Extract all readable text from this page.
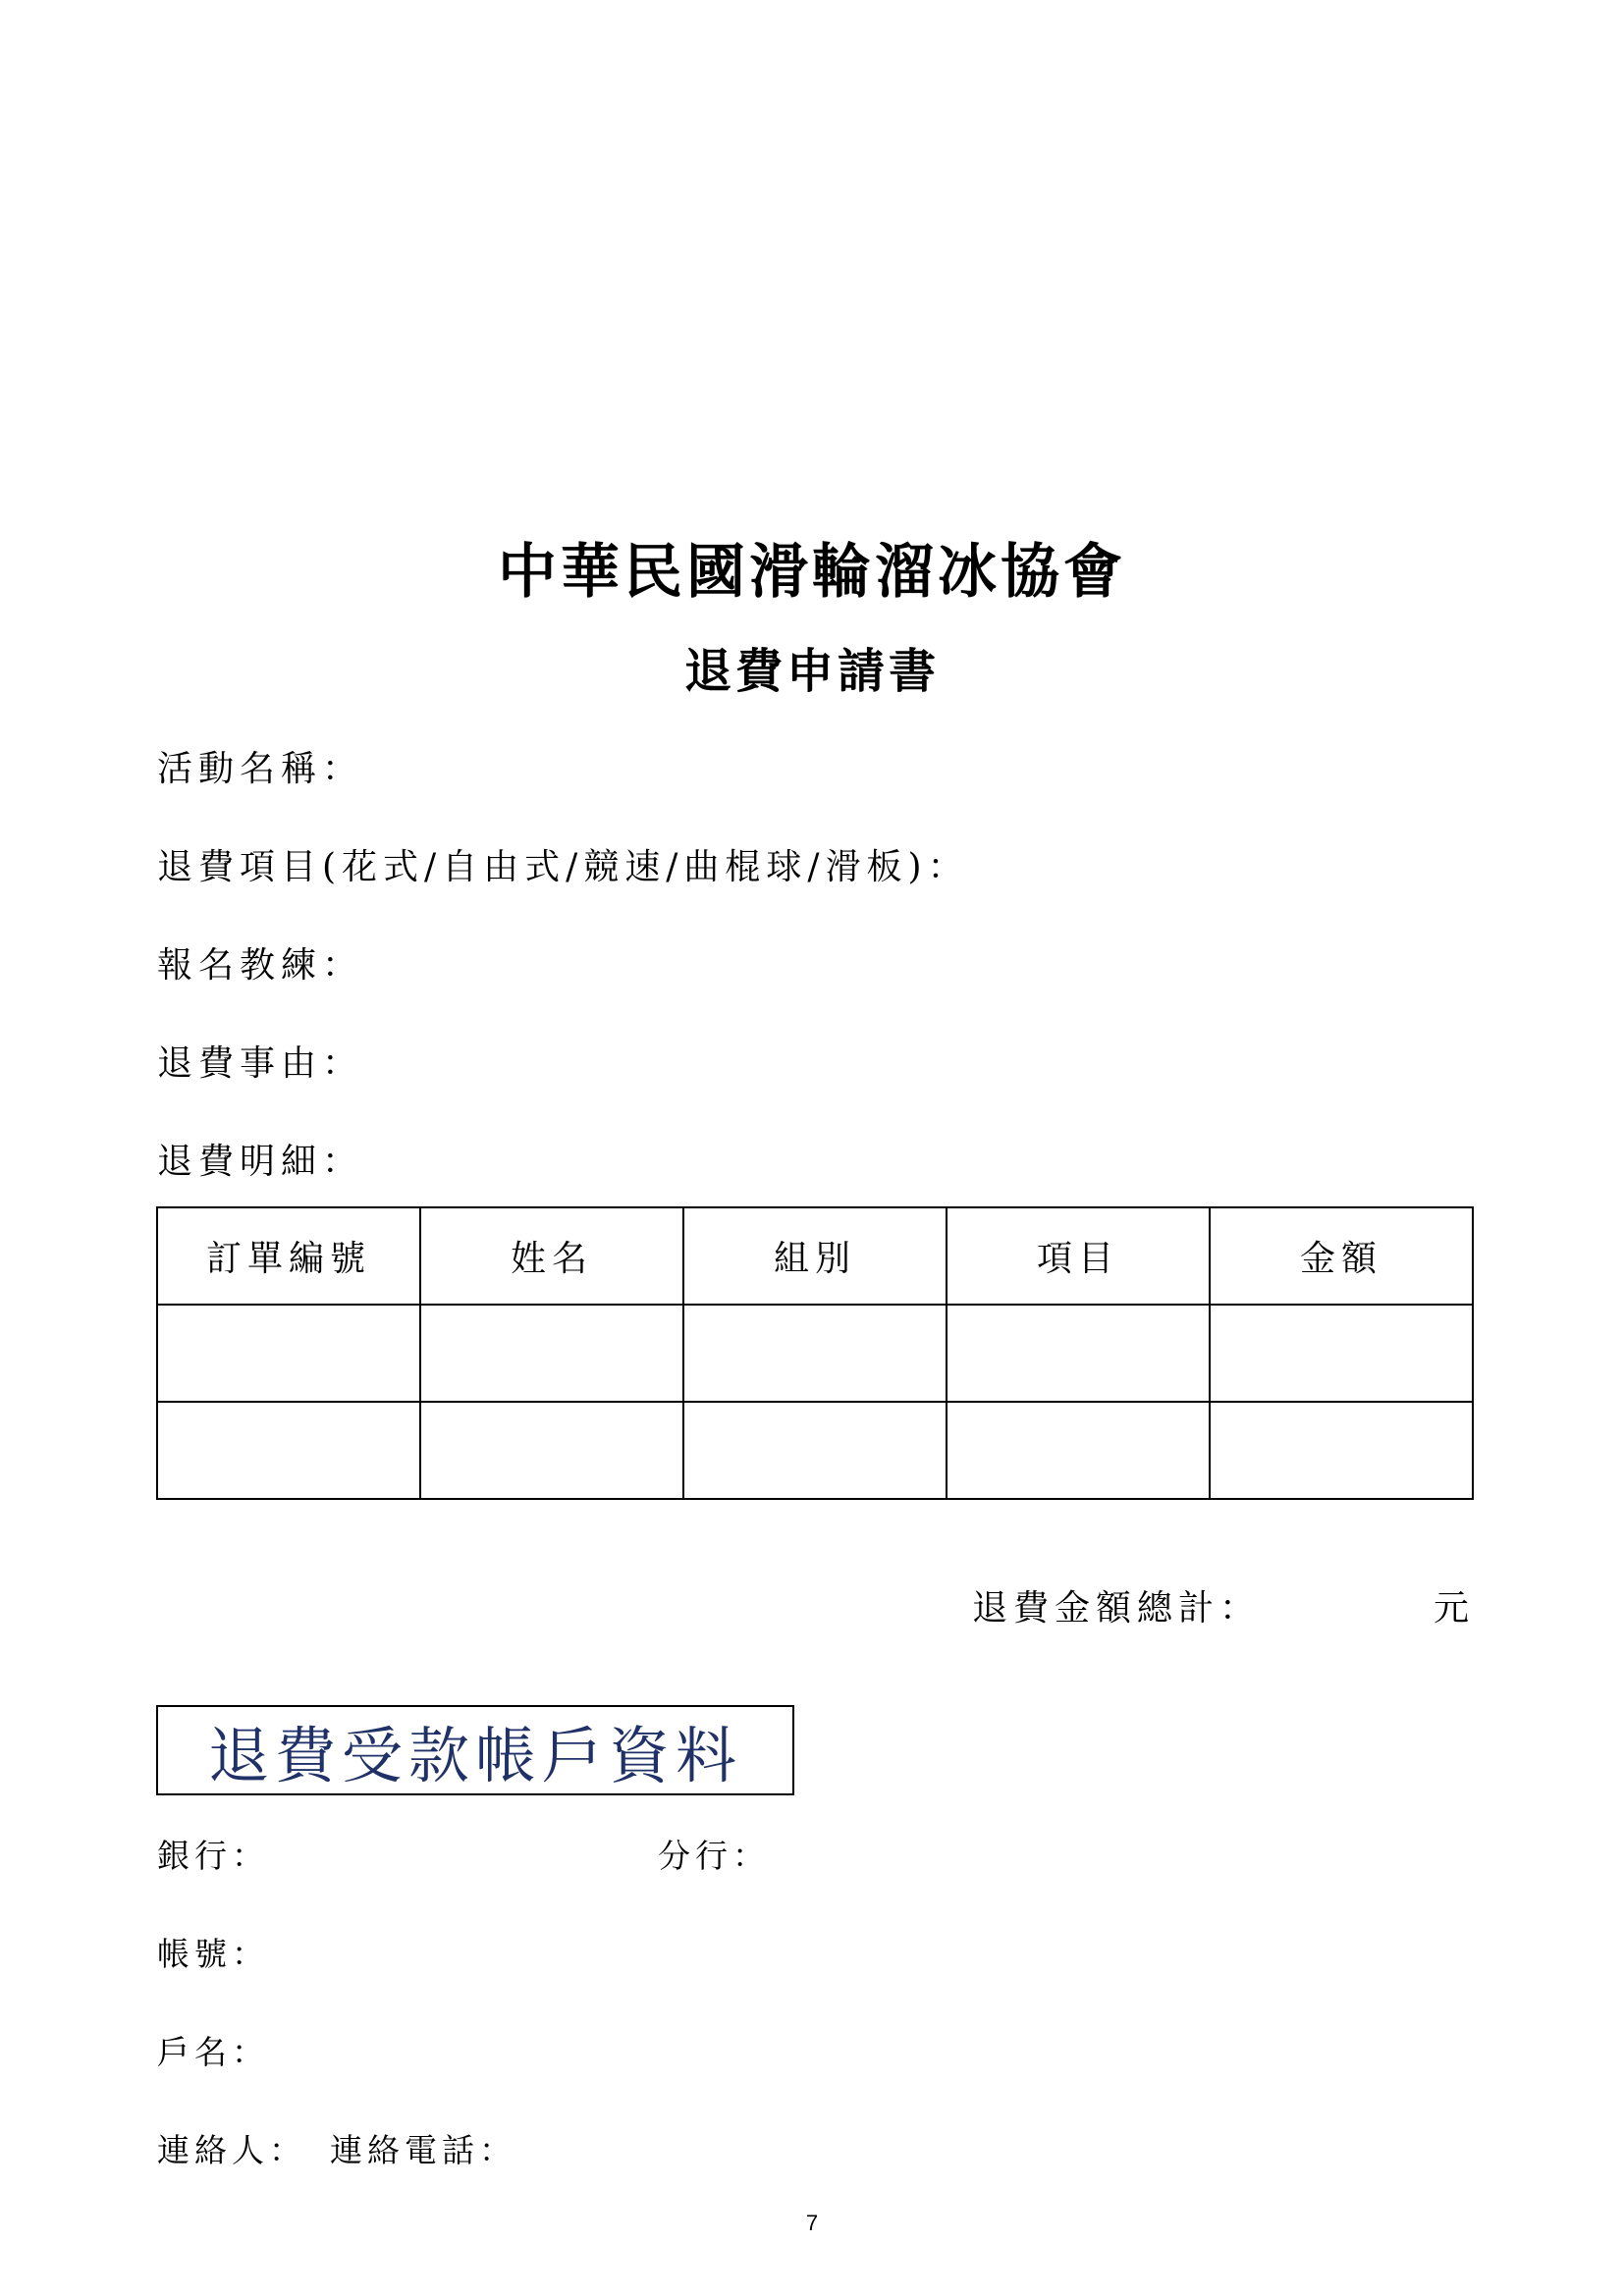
中華民國滑輪溜冰協會
退費申請書
活動名稱：
退費項目(花式/自由式/競速/曲棍球/滑板)：
報名教練：
退費事由：
退費明細：
訂單編號	姓名	組別	項目	金額

退費金額總計：	元
退費受款帳戶資料
銀行：	分行：
帳號：
戶名：
連絡人： 連絡電話：
7
